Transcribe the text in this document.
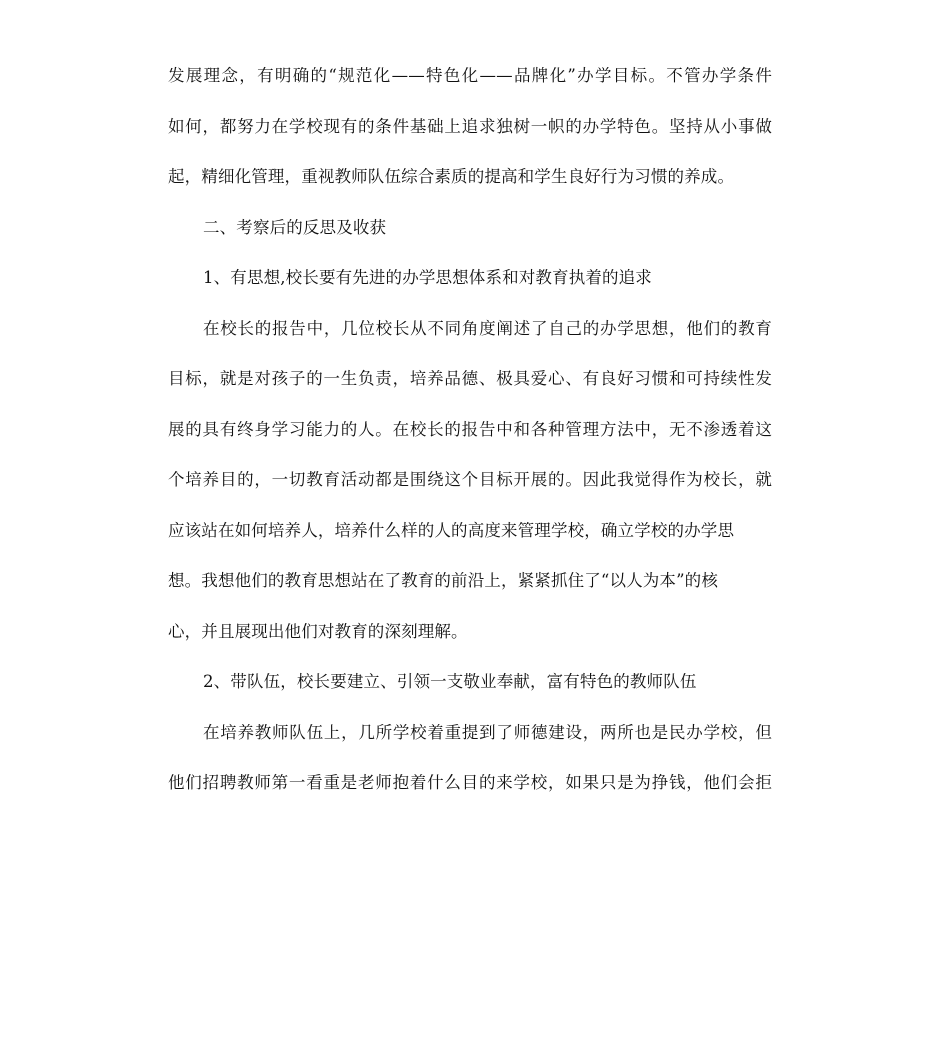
发展理念，有明确的“规范化——特色化——品牌化”办学目标。不管办学条件
如何，都努力在学校现有的条件基础上追求独树一帜的办学特色。坚持从小事做
起，精细化管理，重视教师队伍综合素质的提高和学生良好行为习惯的养成。
二、考察后的反思及收获
1、有思想,校长要有先进的办学思想体系和对教育执着的追求
在校长的报告中，几位校长从不同角度阐述了自己的办学思想，他们的教育
目标，就是对孩子的一生负责，培养品德、极具爱心、有良好习惯和可持续性发
展的具有终身学习能力的人。在校长的报告中和各种管理方法中，无不渗透着这
个培养目的，一切教育活动都是围绕这个目标开展的。因此我觉得作为校长，就
应该站在如何培养人，培养什么样的人的高度来管理学校，确立学校的办学思
想。我想他们的教育思想站在了教育的前沿上，紧紧抓住了“以人为本”的核
心，并且展现出他们对教育的深刻理解。
2、带队伍，校长要建立、引领一支敬业奉献，富有特色的教师队伍
在培养教师队伍上，几所学校着重提到了师德建设，两所也是民办学校，但
他们招聘教师第一看重是老师抱着什么目的来学校，如果只是为挣钱，他们会拒
